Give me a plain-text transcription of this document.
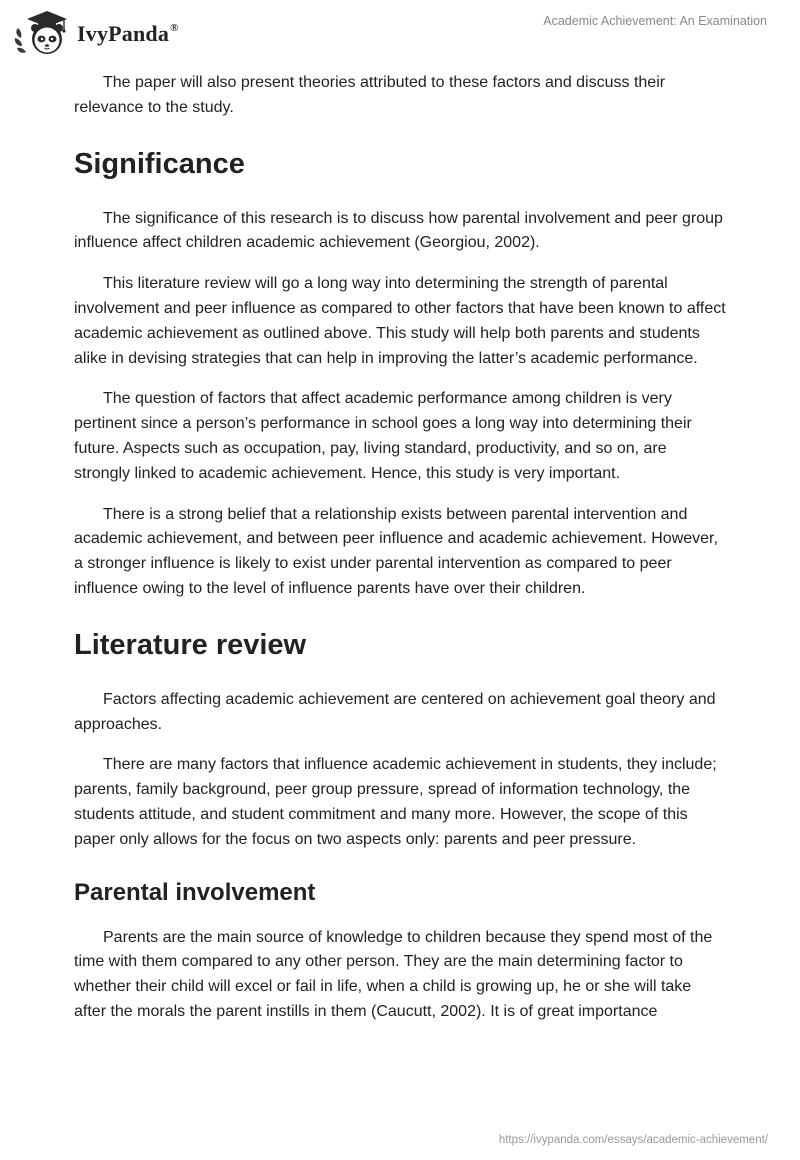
IvyPanda®	Academic Achievement: An Examination

The paper will also present theories attributed to these factors and discuss their relevance to the study.

Significance

The significance of this research is to discuss how parental involvement and peer group influence affect children academic achievement (Georgiou, 2002).

This literature review will go a long way into determining the strength of parental involvement and peer influence as compared to other factors that have been known to affect academic achievement as outlined above. This study will help both parents and students alike in devising strategies that can help in improving the latter’s academic performance.

The question of factors that affect academic performance among children is very pertinent since a person’s performance in school goes a long way into determining their future. Aspects such as occupation, pay, living standard, productivity, and so on, are strongly linked to academic achievement. Hence, this study is very important.

There is a strong belief that a relationship exists between parental intervention and academic achievement, and between peer influence and academic achievement. However, a stronger influence is likely to exist under parental intervention as compared to peer influence owing to the level of influence parents have over their children.

Literature review

Factors affecting academic achievement are centered on achievement goal theory and approaches.

There are many factors that influence academic achievement in students, they include; parents, family background, peer group pressure, spread of information technology, the students attitude, and student commitment and many more. However, the scope of this paper only allows for the focus on two aspects only: parents and peer pressure.

Parental involvement

Parents are the main source of knowledge to children because they spend most of the time with them compared to any other person. They are the main determining factor to whether their child will excel or fail in life, when a child is growing up, he or she will take after the morals the parent instills in them (Caucutt, 2002). It is of great importance

https://ivypanda.com/essays/academic-achievement/
